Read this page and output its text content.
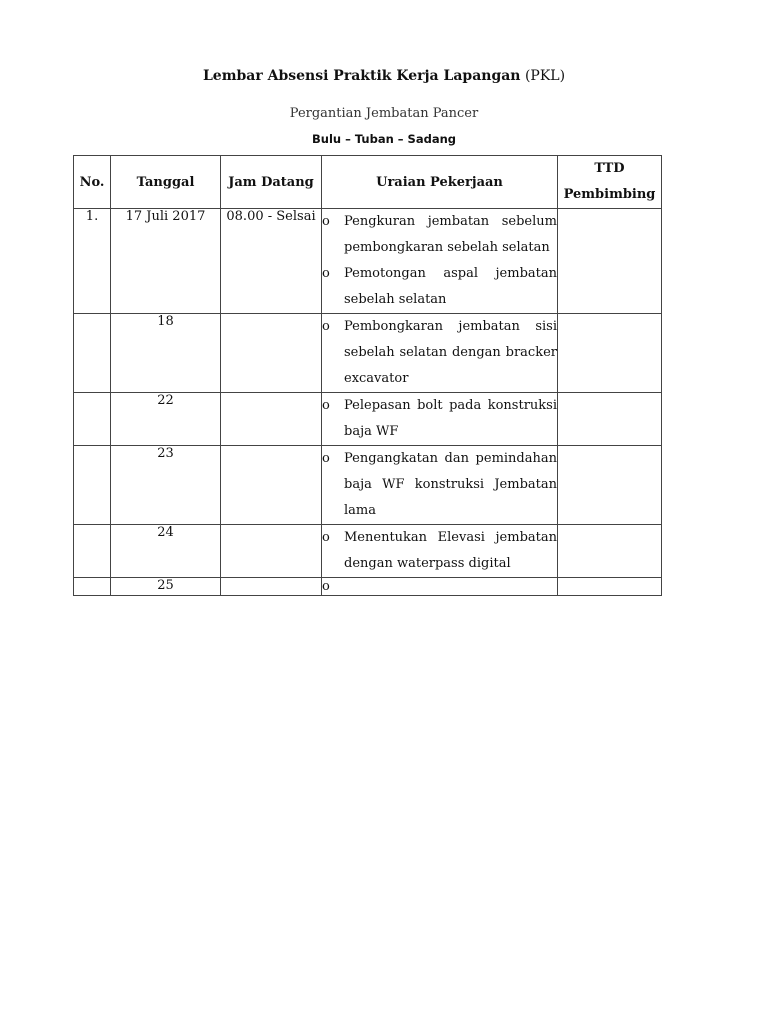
Lembar Absensi Praktik Kerja Lapangan (PKL)
Pergantian Jembatan Pancer
Bulu – Tuban – Sadang
No.	Tanggal	Jam Datang	Uraian Pekerjaan	TTD
Pembimbing

1.	17 Juli 2017	08.00 - Selsai	o Pengkuran jembatan sebelum pembongkaran sebelah selatan
o Pemotongan aspal jembatan sebelah selatan	

	18		o Pembongkaran jembatan sisi sebelah selatan dengan bracker excavator	

	22		o Pelepasan bolt pada konstruksi baja WF	

	23		o Pengangkatan dan pemindahan baja WF konstruksi Jembatan lama	

	24		o Menentukan Elevasi jembatan dengan waterpass digital	

	25		o	
